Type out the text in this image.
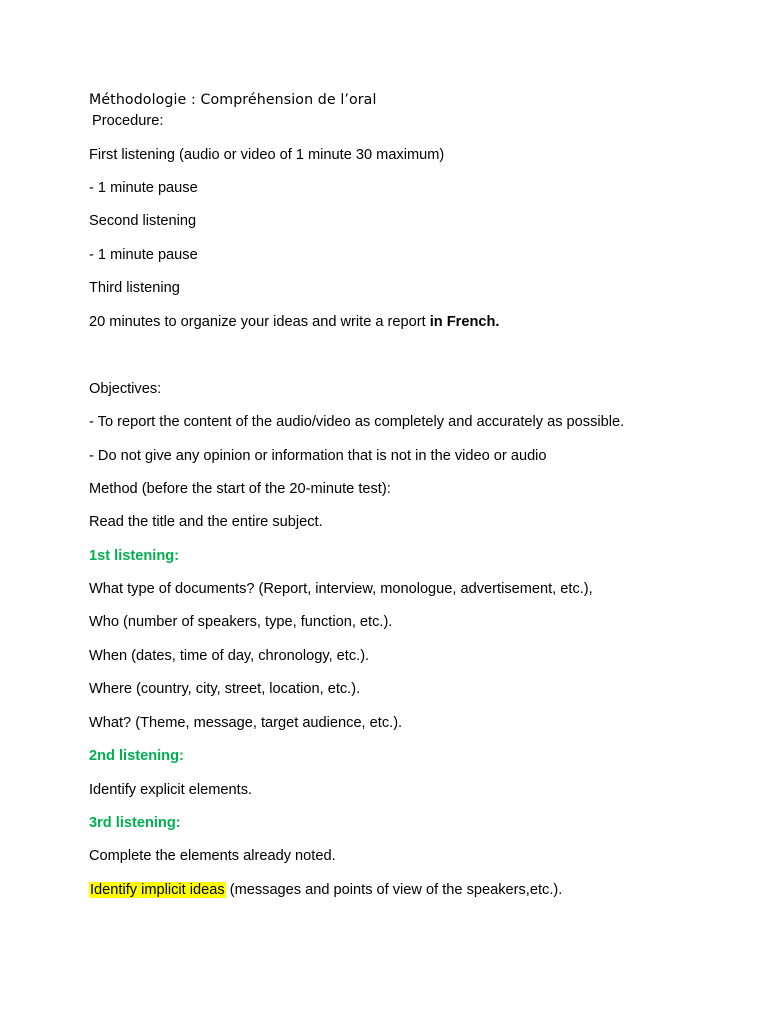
Méthodologie : Compréhension de l’oral
Procedure:
First listening (audio or video of 1 minute 30 maximum)
- 1 minute pause
Second listening
- 1 minute pause
Third listening
20 minutes to organize your ideas and write a report in French.
Objectives:
- To report the content of the audio/video as completely and accurately as possible.
- Do not give any opinion or information that is not in the video or audio
Method (before the start of the 20-minute test):
Read the title and the entire subject.
1st listening:
What type of documents? (Report, interview, monologue, advertisement, etc.),
Who (number of speakers, type, function, etc.).
When (dates, time of day, chronology, etc.).
Where (country, city, street, location, etc.).
What? (Theme, message, target audience, etc.).
2nd listening:
Identify explicit elements.
3rd listening:
Complete the elements already noted.
Identify implicit ideas (messages and points of view of the speakers,etc.).
